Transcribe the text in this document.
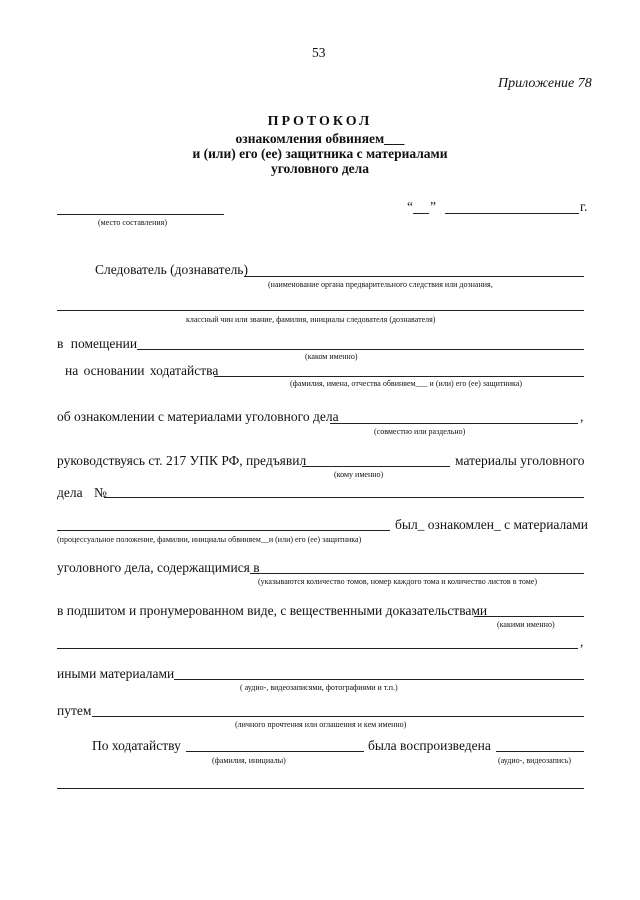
53
Приложение 78
ПРОТОКОЛ
ознакомления обвиняем___
и (или) его (ее) защитника с материалами
уголовного дела
(место составления)
“ ”	г.
Следователь (дознаватель)
(наименование органа предварительного следствия или дознания,
классный чин или звание, фамилия, инициалы следователя (дознавателя)
в помещении
(каком именно)
на основании ходатайства
(фамилия, имена, отчества обвиняем___ и (или) его (ее) защитника)
об ознакомлении с материалами уголовного дела	,
(совместно или раздельно)
руководствуясь ст. 217 УПК РФ, предъявил	материалы уголовного
(кому именно)
дела №
был_ ознакомлен_ с материалами
(процессуальное положение, фамилии, инициалы обвиняем__и (или) его (ее) защитника)
уголовного дела, содержащимися в
(указываются количество томов, номер каждого тома и количество листов в томе)
в подшитом и пронумерованном виде, с вещественными доказательствами
(какими именно)
,
иными материалами
( аудио-, видеозаписями, фотографиями и т.п.)
путем
(личного прочтения или оглашения и кем именно)
По ходатайству	была воспроизведена
(фамилия, инициалы)	(аудио-, видеозапись)
